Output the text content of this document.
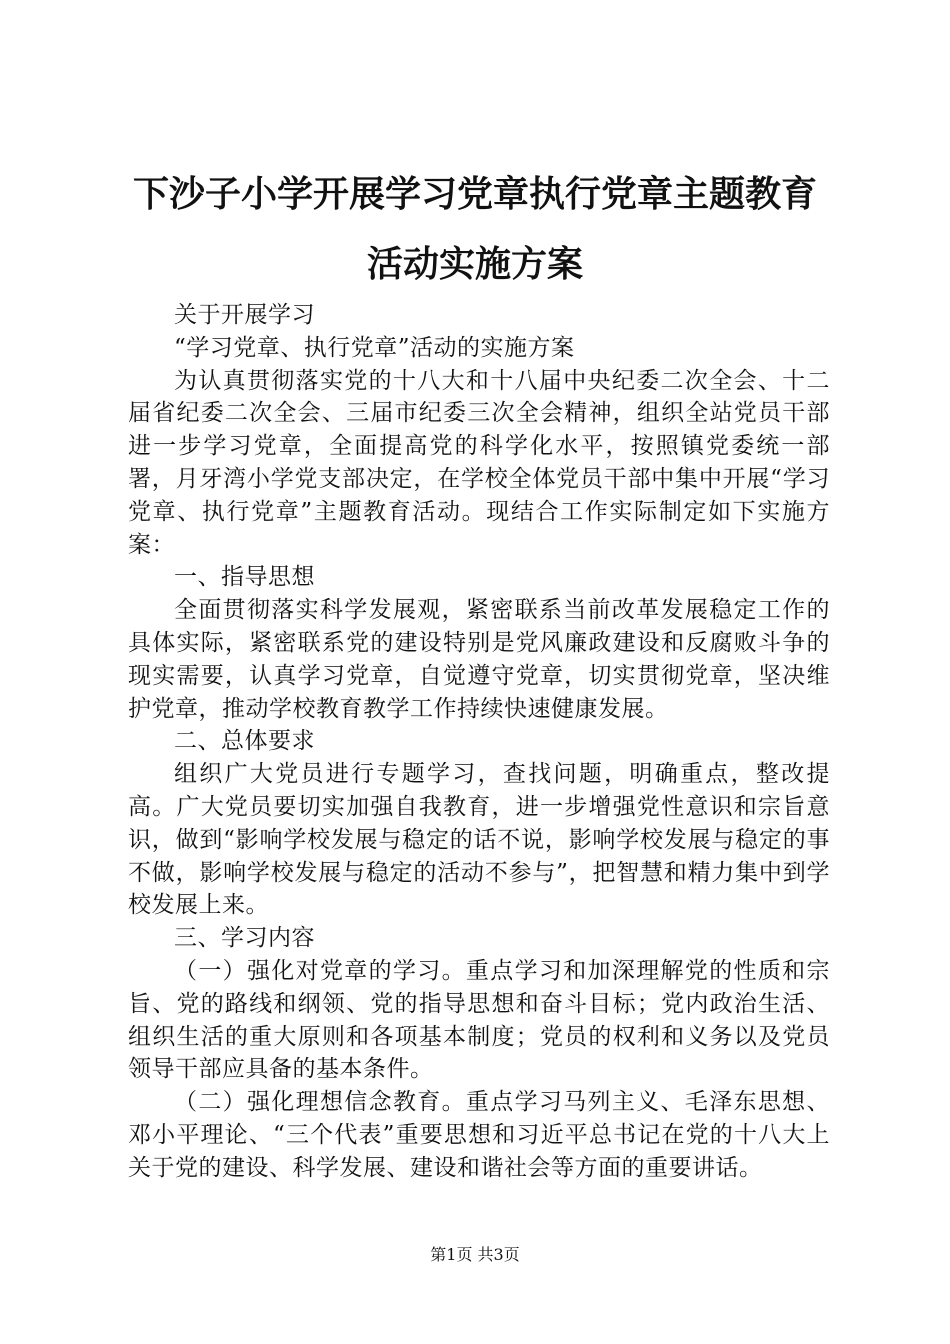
下沙子小学开展学习党章执行党章主题教育活动实施方案

关于开展学习

“学习党章、执行党章”活动的实施方案

为认真贯彻落实党的十八大和十八届中央纪委二次全会、十二届省纪委二次全会、三届市纪委三次全会精神，组织全站党员干部进一步学习党章，全面提高党的科学化水平，按照镇党委统一部署，月牙湾小学党支部决定，在学校全体党员干部中集中开展“学习党章、执行党章”主题教育活动。现结合工作实际制定如下实施方案：

一、指导思想

全面贯彻落实科学发展观，紧密联系当前改革发展稳定工作的具体实际，紧密联系党的建设特别是党风廉政建设和反腐败斗争的现实需要，认真学习党章，自觉遵守党章，切实贯彻党章，坚决维护党章，推动学校教育教学工作持续快速健康发展。

二、总体要求

组织广大党员进行专题学习，查找问题，明确重点，整改提高。广大党员要切实加强自我教育，进一步增强党性意识和宗旨意识，做到“影响学校发展与稳定的话不说，影响学校发展与稳定的事不做，影响学校发展与稳定的活动不参与”，把智慧和精力集中到学校发展上来。

三、学习内容

（一）强化对党章的学习。重点学习和加深理解党的性质和宗旨、党的路线和纲领、党的指导思想和奋斗目标；党内政治生活、组织生活的重大原则和各项基本制度；党员的权利和义务以及党员领导干部应具备的基本条件。

（二）强化理想信念教育。重点学习马列主义、毛泽东思想、邓小平理论、“三个代表”重要思想和习近平总书记在党的十八大上关于党的建设、科学发展、建设和谐社会等方面的重要讲话。

第1页 共3页
